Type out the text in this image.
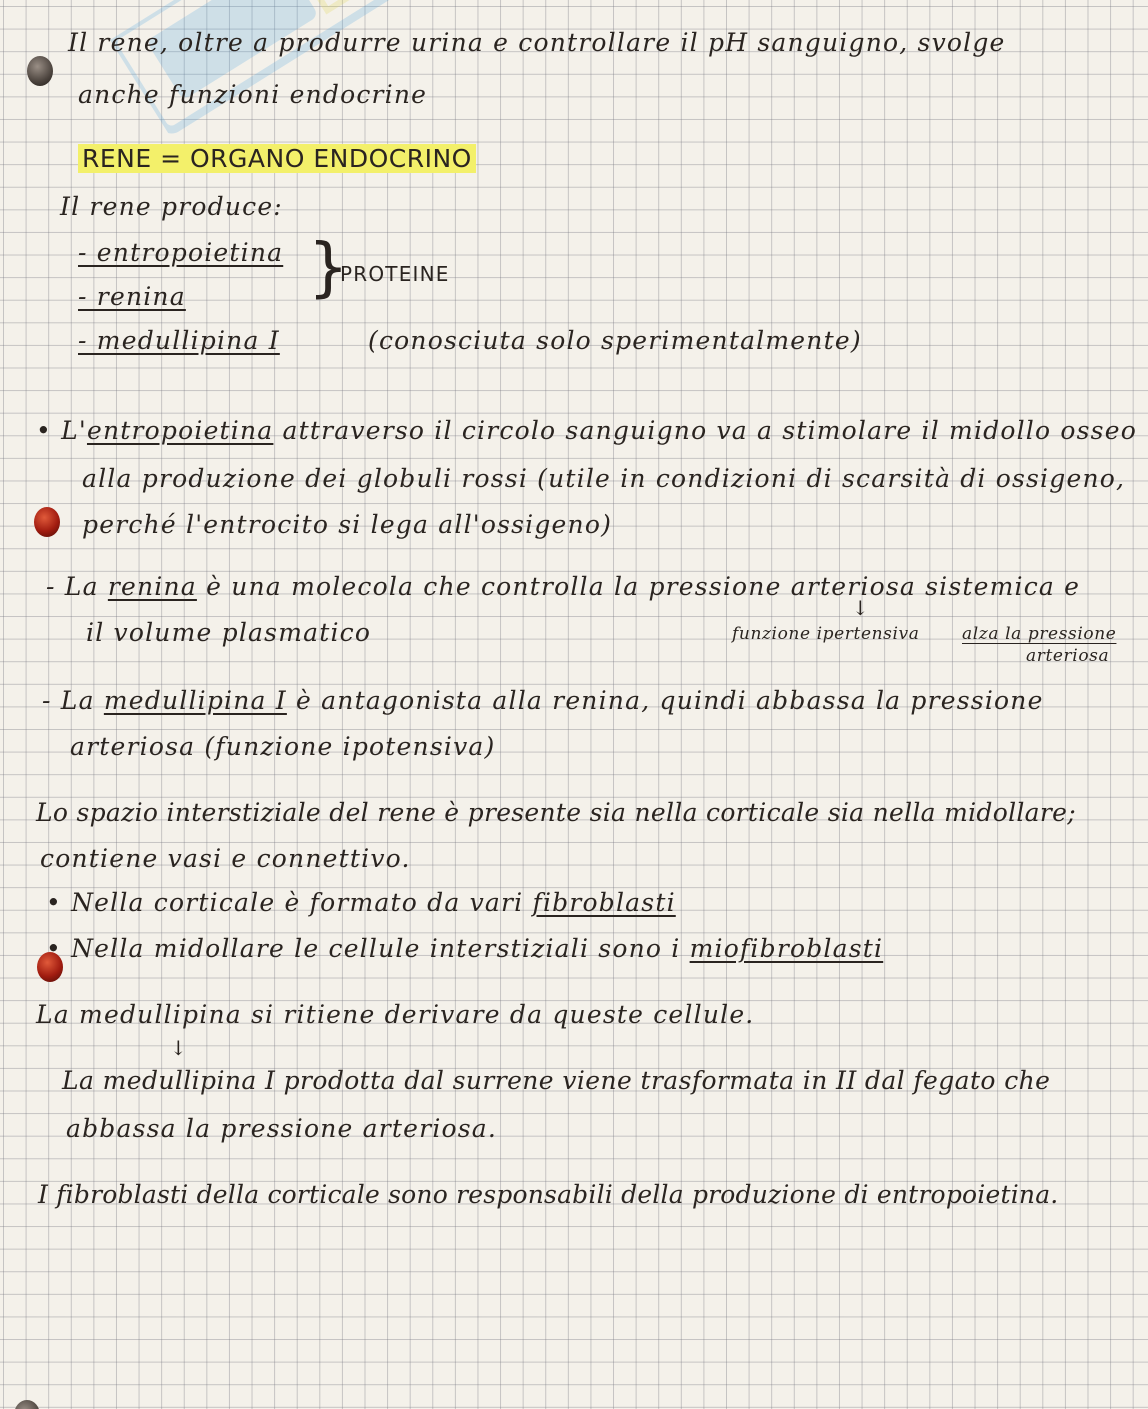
Il rene, oltre a produrre urina e controllare il pH sanguigno, svolge
anche funzioni endocrine
RENE = ORGANO ENDOCRINO
Il rene produce:
- entropoietina
- renina }
PROTEINE
- medullipina I	(conosciuta solo sperimentalmente)
• L'entropoietina attraverso il circolo sanguigno va a stimolare il midollo osseo
alla produzione dei globuli rossi (utile in condizioni di scarsità di ossigeno,
perché l'entrocito si lega all'ossigeno)
- La renina è una molecola che controlla la pressione arteriosa sistemica e
il volume plasmatico
↓
funzione ipertensiva	alza la pressione
arteriosa
- La medullipina I è antagonista alla renina, quindi abbassa la pressione
arteriosa (funzione ipotensiva)
Lo spazio interstiziale del rene è presente sia nella corticale sia nella midollare;
contiene vasi e connettivo.
• Nella corticale è formato da vari fibroblasti
• Nella midollare le cellule interstiziali sono i miofibroblasti
La medullipina si ritiene derivare da queste cellule.
↓
La medullipina I prodotta dal surrene viene trasformata in II dal fegato che
abbassa la pressione arteriosa.
I fibroblasti della corticale sono responsabili della produzione di entropoietina.
